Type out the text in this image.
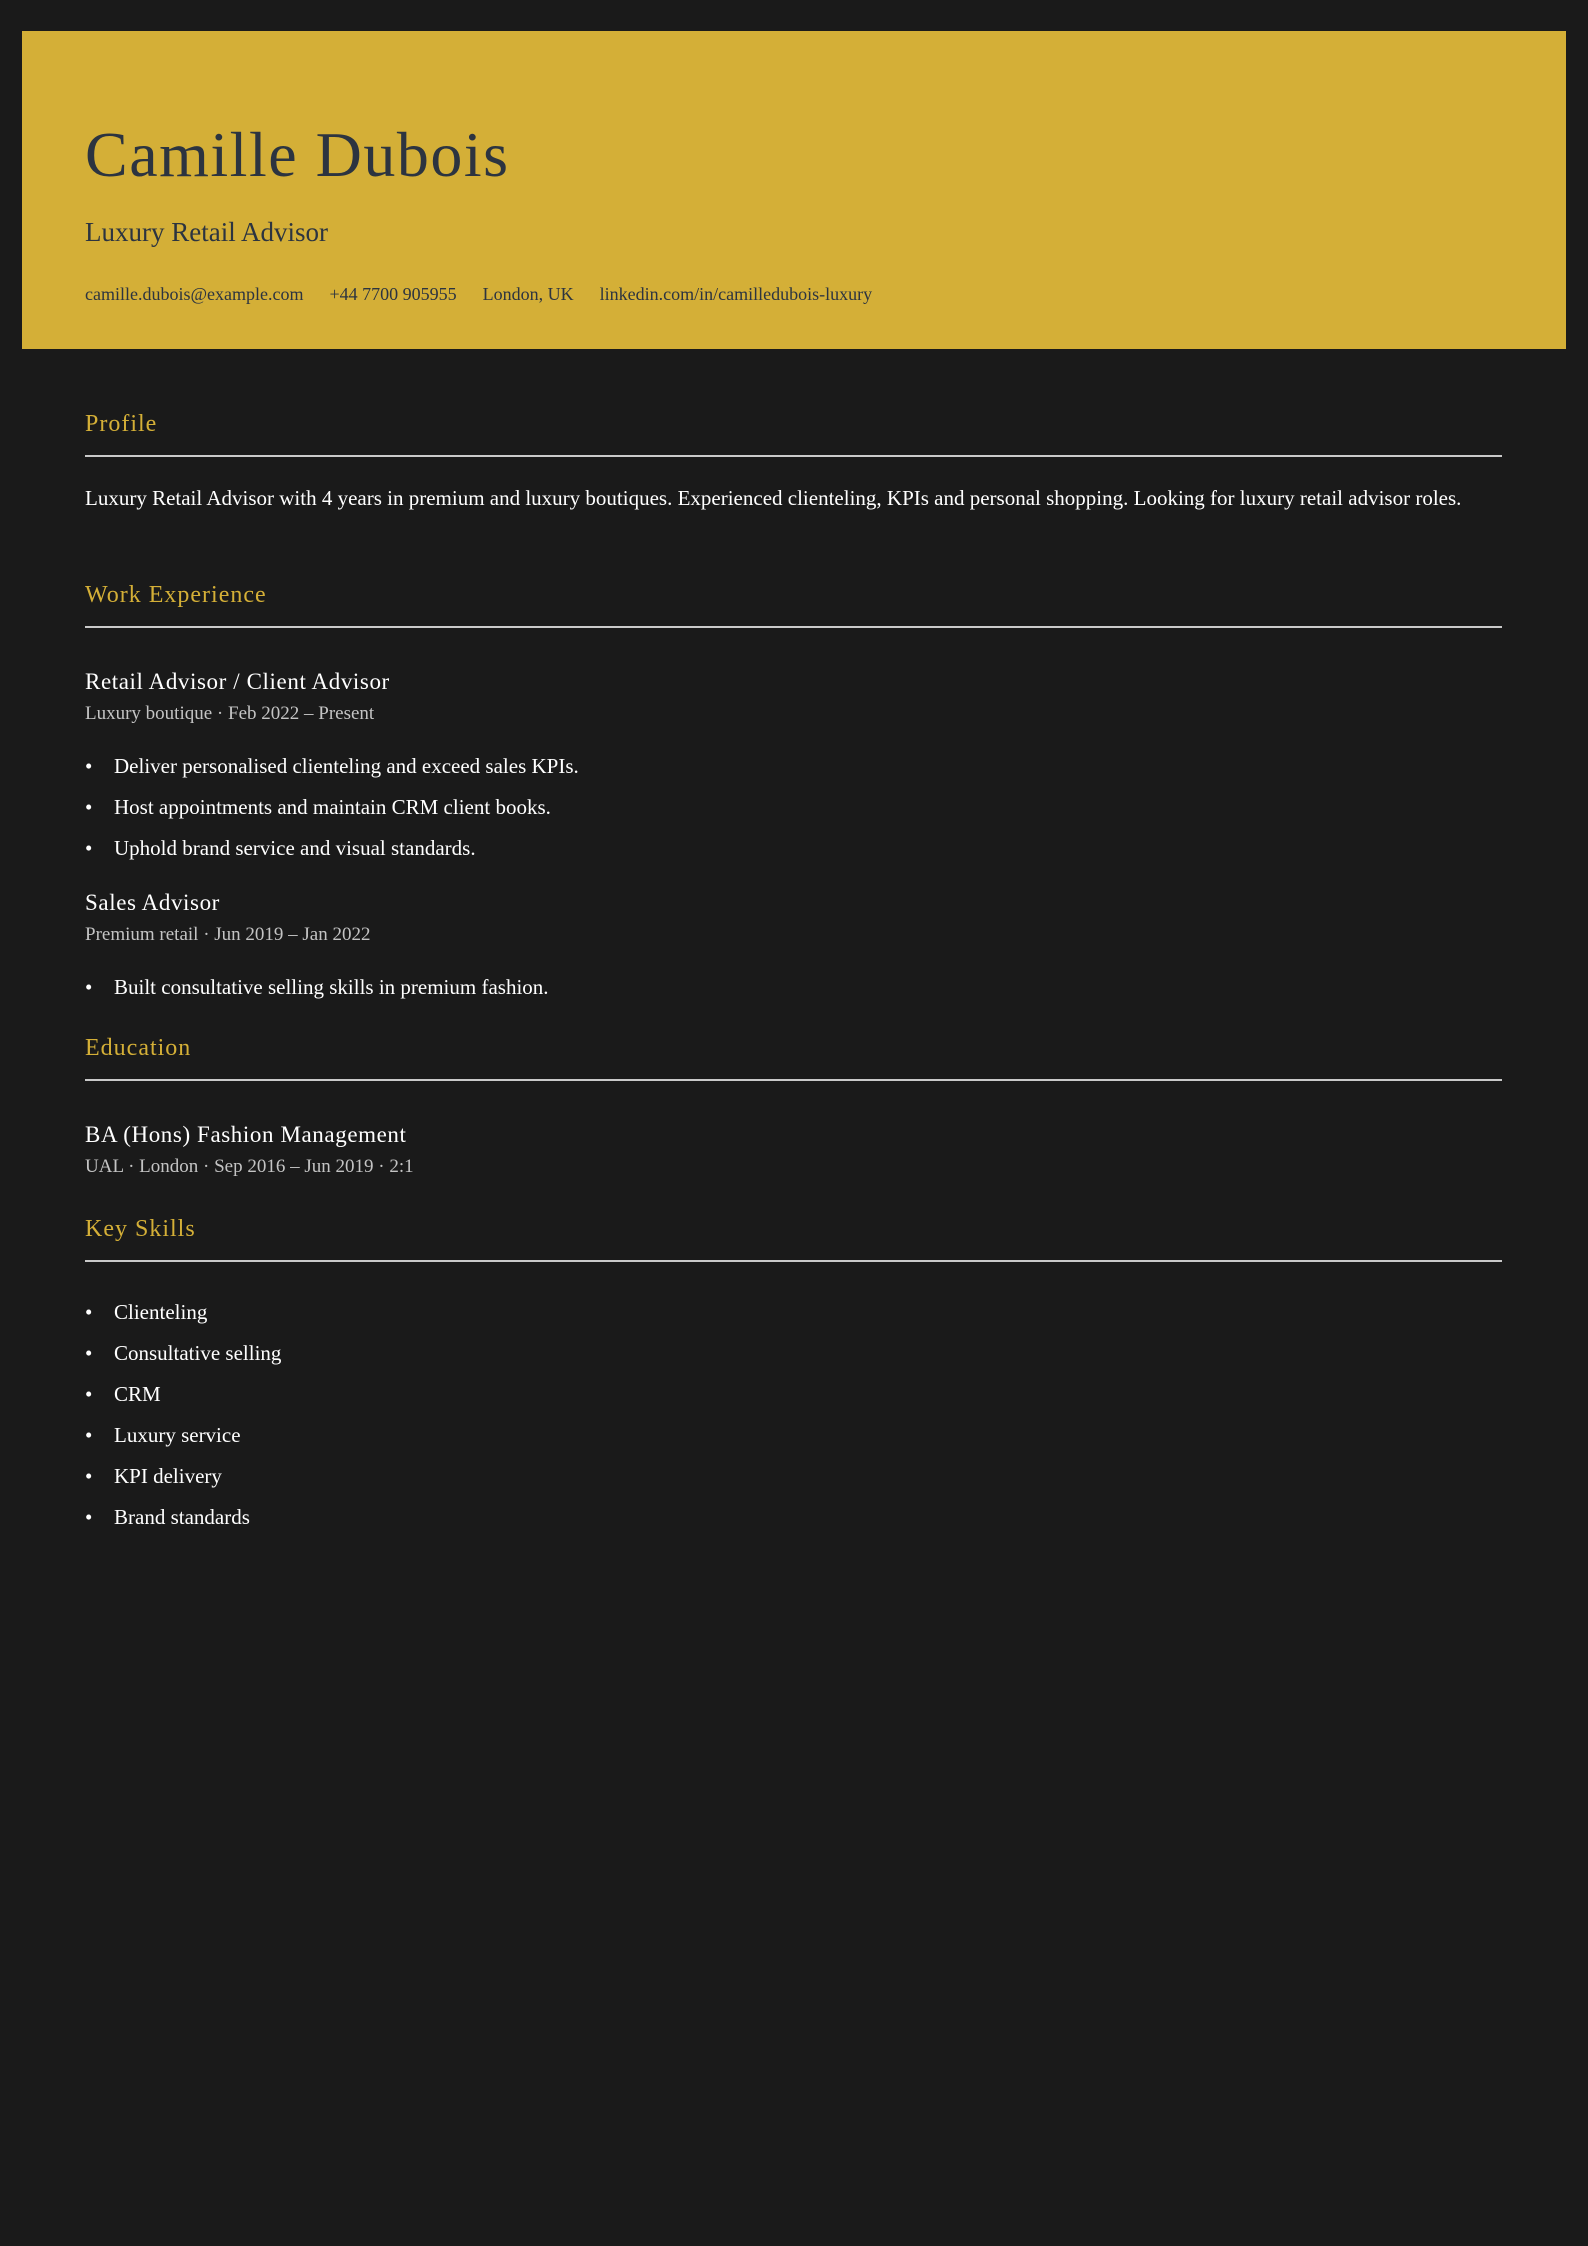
Camille Dubois
Luxury Retail Advisor
camille.dubois@example.com +44 7700 905955 London, UK linkedin.com/in/camilledubois-luxury
Profile

Luxury Retail Advisor with 4 years in premium and luxury boutiques. Experienced clienteling, KPIs and personal shopping. Looking for luxury retail advisor roles.

Work Experience
Retail Advisor / Client Advisor

Luxury boutique · Feb 2022 – Present

• Deliver personalised clienteling and exceed sales KPIs.
• Host appointments and maintain CRM client books.
• Uphold brand service and visual standards.
Sales Advisor

Premium retail · Jun 2019 – Jan 2022

• Built consultative selling skills in premium fashion.
Education
BA (Hons) Fashion Management

UAL · London · Sep 2016 – Jun 2019 · 2:1

Key Skills
• Clienteling
• Consultative selling
• CRM
• Luxury service
• KPI delivery
• Brand standards
